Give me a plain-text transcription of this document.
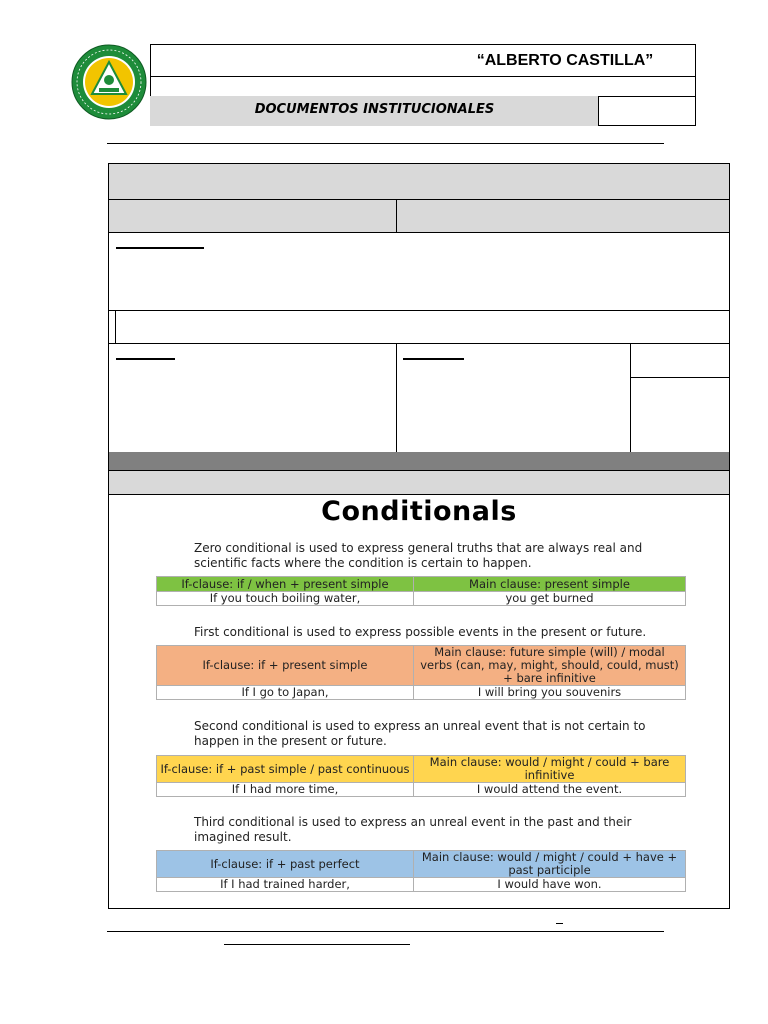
“ALBERTO CASTILLA”
DOCUMENTOS INSTITUCIONALES
Conditionals
Zero conditional is used to express general truths that are always real and scientific facts where the condition is certain to happen.
If-clause: if / when + present simple	Main clause: present simple
If you touch boiling water,	you get burned
First conditional is used to express possible events in the present or future.
If-clause: if + present simple	Main clause: future simple (will) / modal verbs (can, may, might, should, could, must) + bare infinitive
If I go to Japan,	I will bring you souvenirs
Second conditional is used to express an unreal event that is not certain to happen in the present or future.
If-clause: if + past simple / past continuous	Main clause: would / might / could + bare infinitive
If I had more time,	I would attend the event.
Third conditional is used to express an unreal event in the past and their imagined result.
If-clause: if + past perfect	Main clause: would / might / could + have + past participle
If I had trained harder,	I would have won.
